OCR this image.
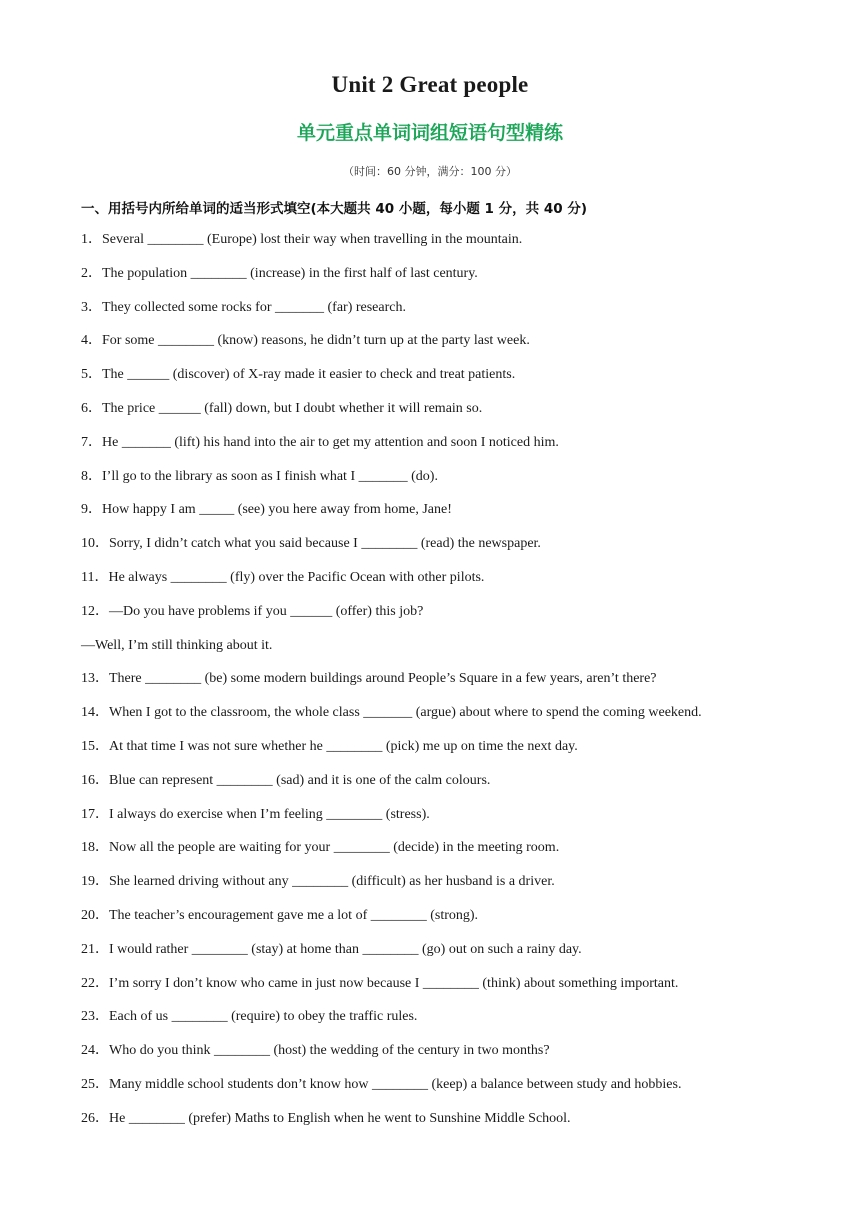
Unit 2 Great people
单元重点单词词组短语句型精练
（时间：60 分钟，满分：100 分）
一、用括号内所给单词的适当形式填空(本大题共 40 小题，每小题 1 分，共 40 分)
1．Several ________ (Europe) lost their way when travelling in the mountain.
2．The population ________ (increase) in the first half of last century.
3．They collected some rocks for _______ (far) research.
4．For some ________ (know) reasons, he didn’t turn up at the party last week.
5．The ______ (discover) of X-ray made it easier to check and treat patients.
6．The price ______ (fall) down, but I doubt whether it will remain so.
7．He _______ (lift) his hand into the air to get my attention and soon I noticed him.
8．I’ll go to the library as soon as I finish what I _______ (do).
9．How happy I am _____ (see) you here away from home, Jane!
10．Sorry, I didn’t catch what you said because I ________ (read) the newspaper.
11．He always ________ (fly) over the Pacific Ocean with other pilots.
12．—Do you have problems if you ______ (offer) this job?
—Well, I’m still thinking about it.
13．There ________ (be) some modern buildings around People’s Square in a few years, aren’t there?
14．When I got to the classroom, the whole class _______ (argue) about where to spend the coming weekend.
15．At that time I was not sure whether he ________ (pick) me up on time the next day.
16．Blue can represent ________ (sad) and it is one of the calm colours.
17．I always do exercise when I’m feeling ________ (stress).
18．Now all the people are waiting for your ________ (decide) in the meeting room.
19．She learned driving without any ________ (difficult) as her husband is a driver.
20．The teacher’s encouragement gave me a lot of ________ (strong).
21．I would rather ________ (stay) at home than ________ (go) out on such a rainy day.
22．I’m sorry I don’t know who came in just now because I ________ (think) about something important.
23．Each of us ________ (require) to obey the traffic rules.
24．Who do you think ________ (host) the wedding of the century in two months?
25．Many middle school students don’t know how ________ (keep) a balance between study and hobbies.
26．He ________ (prefer) Maths to English when he went to Sunshine Middle School.
